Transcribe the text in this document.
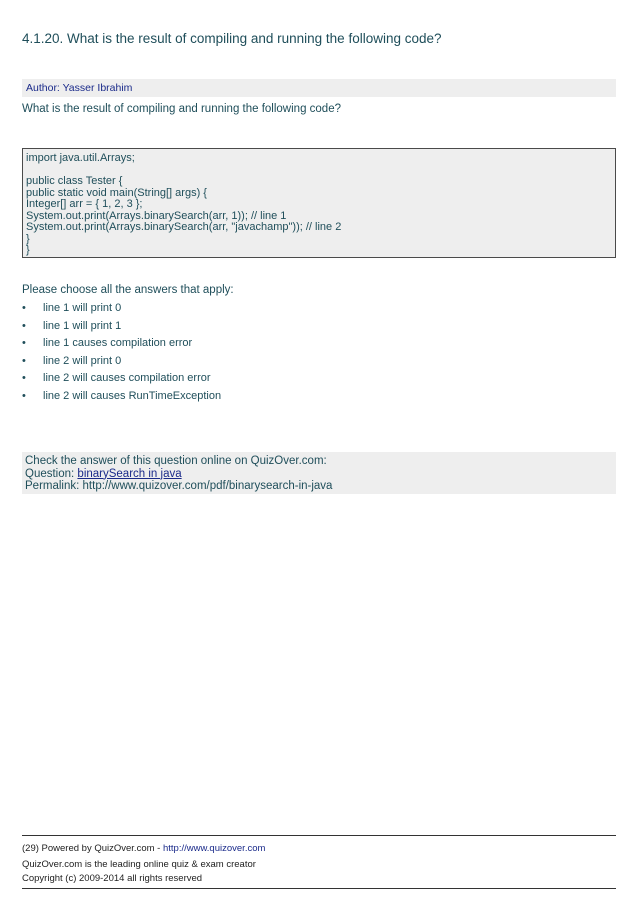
4.1.20. What is the result of compiling and running the following code?
Author: Yasser Ibrahim
What is the result of compiling and running the following code?
import java.util.Arrays;
public class Tester {
public static void main(String[] args) {
Integer[] arr = { 1, 2, 3 };
System.out.print(Arrays.binarySearch(arr, 1)); // line 1
System.out.print(Arrays.binarySearch(arr, "javachamp")); // line 2
}
}
Please choose all the answers that apply:
• line 1 will print 0
• line 1 will print 1
• line 1 causes compilation error
• line 2 will print 0
• line 2 will causes compilation error
• line 2 will causes RunTimeException
Check the answer of this question online on QuizOver.com:
Question: binarySearch in java
Permalink: http://www.quizover.com/pdf/binarysearch-in-java
(29) Powered by QuizOver.com - http://www.quizover.com
QuizOver.com is the leading online quiz & exam creator
Copyright (c) 2009-2014 all rights reserved
